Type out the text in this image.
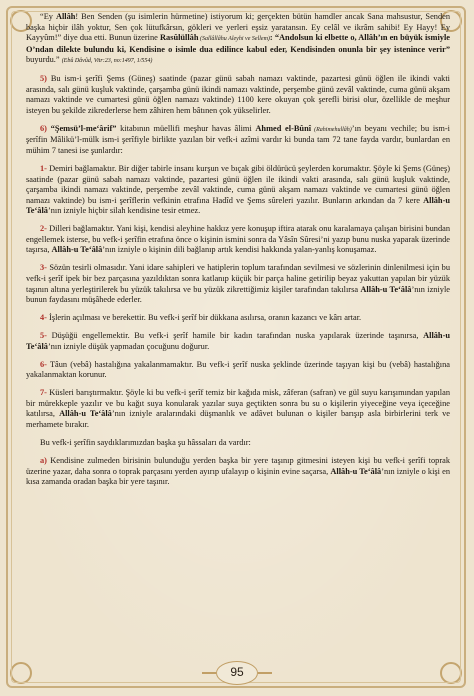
“Ey Allâh! Ben Senden (şu isimlerin hürmetine) istiyorum ki; gerçekten bütün hamdler ancak Sana mahsustur, Senden başka hiçbir ilâh yoktur, Sen çok lütufkârsın, gökleri ve yerleri eşsiz yaratansın. Ey celâl ve ikrâm sahibi! Ey Hayy! Ey Kayyûm!” diye dua etti. Bunun üzerine Rasûlüllâh (Sallâllâhu Aleyhi ve Sellem): “Andolsun ki elbette o, Allâh’ın en büyük ismiyle O’ndan dilekte bulundu ki, Kendisine o isimle dua edilince kabul eder, Kendisinden onunla bir şey istenince verir” buyurdu.” (Ebû Dâvûd, Vitr:23, no:1497, 1/554)

5) Bu ism-i şerîfi Şems (Güneş) saatinde (pazar günü sabah namazı vaktinde, pazartesi günü öğlen ile ikindi vakti arasında, salı günü kuşluk vaktinde, çarşamba günü ikindi namazı vaktinde, perşembe günü zevâl vaktinde, cuma günü akşam namazı vaktinde ve cumartesi günü öğlen namazı vaktinde) 1100 kere okuyan çok şerefli birisi olur, özellikle de meşhur isteyen bu şekilde zikrederlerse hem zâhiren hem bâtınen çok yükselirler.

6) “Şemsü’l-me‘ârif” kitabının müellifi meşhur havas âlimi Ahmed el-Bûnî (Rahimehullâh)’ın beyanı vechile; bu ism-i şerîfin Mâlikü’l-mülk ism-i şerîfiyle birlikte yazılan bir vefk-i azîmi vardır ki bunda tam 72 tane fayda vardır, bunlardan en mühim 7 tanesi ise şunlardır:

1- Demiri bağlamaktır. Bir diğer tabirle insanı kurşun ve bıçak gibi öldürücü şeylerden korumaktır. Şöyle ki Şems (Güneş) saatinde (pazar günü sabah namazı vaktinde, pazartesi günü öğlen ile ikindi vakti arasında, salı günü kuşluk vaktinde, çarşamba ikindi namazı vaktinde, perşembe zevâl vaktinde, cuma günü akşam namazı vaktinde ve cumartesi günü öğlen namazı vaktinde) bu ism-i şerîflerin vefkinin etrafına Hadîd ve Şems sûreleri yazılır. Bunların arkından da 7 kere Allâh-u Te‘âlâ’nın izniyle hiçbir silah kendisine tesir etmez.

2- Dilleri bağlamaktır. Yani kişi, kendisi aleyhine hakkız yere konuşup iftira atarak onu karalamaya çalışan birisini bundan engellemek isterse, bu vefk-i şerîfin etrafına önce o kişinin ismini sonra da Yâsîn Sûresi’ni yazıp bunu nuska yaparak üzerinde taşırsa, Allâh-u Te‘âlâ’nın izniyle o kişinin dili bağlanıp artık kendisi hakkında yalan-yanlış konuşamaz.

3- Sözün tesirli olmasıdır. Yani idare sahipleri ve hatiplerin toplum tarafından sevilmesi ve sözlerinin dinlenilmesi için bu vefk-i şerîf ipek bir bez parçasına yazıldıktan sonra katlanıp küçük bir parça haline getirilip beyaz yakuttan yapılan bir yüzük taşının altına yerleştirilerek bu yüzük takılırsa ve bu yüzük zikrettiğimiz kişiler tarafından takılırsa Allâh-u Te‘âlâ’nın izniyle bunun faydasını müşâhede ederler.

4- İşlerin açılması ve berekettir. Bu vefk-i şerîf bir dükkana asılırsa, oranın kazancı ve kârı artar.

5- Düşüğü engellemektir. Bu vefk-i şerîf hamile bir kadın tarafından nuska yapılarak üzerinde taşınırsa, Allâh-u Te‘âlâ’nın izniyle düşük yapmadan çocuğunu doğurur.

6- Tâun (vebâ) hastalığına yakalanmamaktır. Bu vefk-i şerîf nuska şeklinde üzerinde taşıyan kişi bu (vebâ) hastalığına yakalanmaktan korunur.

7- Küsleri barıştırmaktır. Şöyle ki bu vefk-i şerîf temiz bir kağıda misk, zâferan (safran) ve gül suyu karışımından yapılan bir mürekkeple yazılır ve bu kağıt suya konularak yazılar suya geçtikten sonra bu su o kişilerin yiyeceğine veya içeceğine katılırsa, Allâh-u Te‘âlâ’nın izniyle aralarındaki düşmanlık ve adâvet bulunan o kişiler barışıp asla birbirlerini terk ve merhamete bırakır.

Bu vefk-i şerîfin saydıklarımızdan başka şu hâssaları da vardır:

a) Kendisine zulmeden birisinin bulunduğu yerden başka bir yere taşınıp gitmesini isteyen kişi bu vefk-i şerîfi toprak üzerine yazar, daha sonra o toprak parçasını yerden ayırıp ufalayıp o kişinin evine saçarsa, Allâh-u Te‘âlâ’nın izniyle o kişi en kısa zamanda oradan başka bir yere taşınır.

95
